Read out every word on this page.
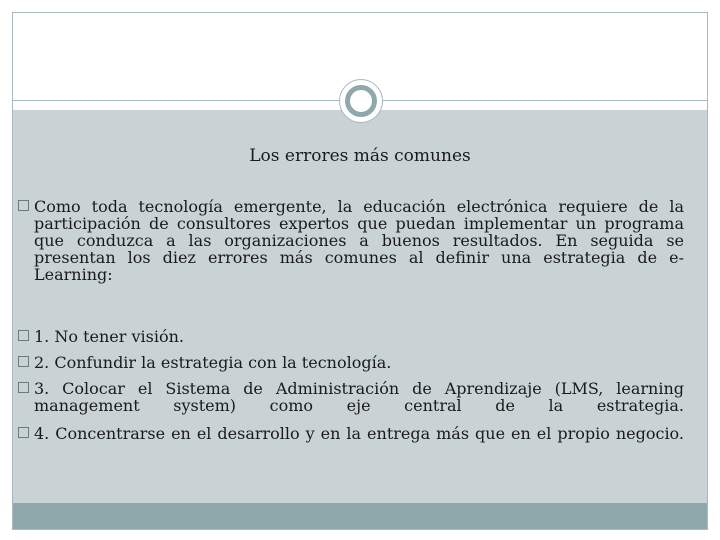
Los errores más comunes
Como toda tecnología emergente, la educación electrónica requiere de la participación de consultores expertos que puedan implementar un programa que conduzca a las organizaciones a buenos resultados. En seguida se presentan los diez errores más comunes al definir una estrategia de e-Learning:
1. No tener visión.
2. Confundir la estrategia con la tecnología.
3. Colocar el Sistema de Administración de Aprendizaje (LMS, learning management system) como eje central de la estrategia.
4. Concentrarse en el desarrollo y en la entrega más que en el propio negocio.
